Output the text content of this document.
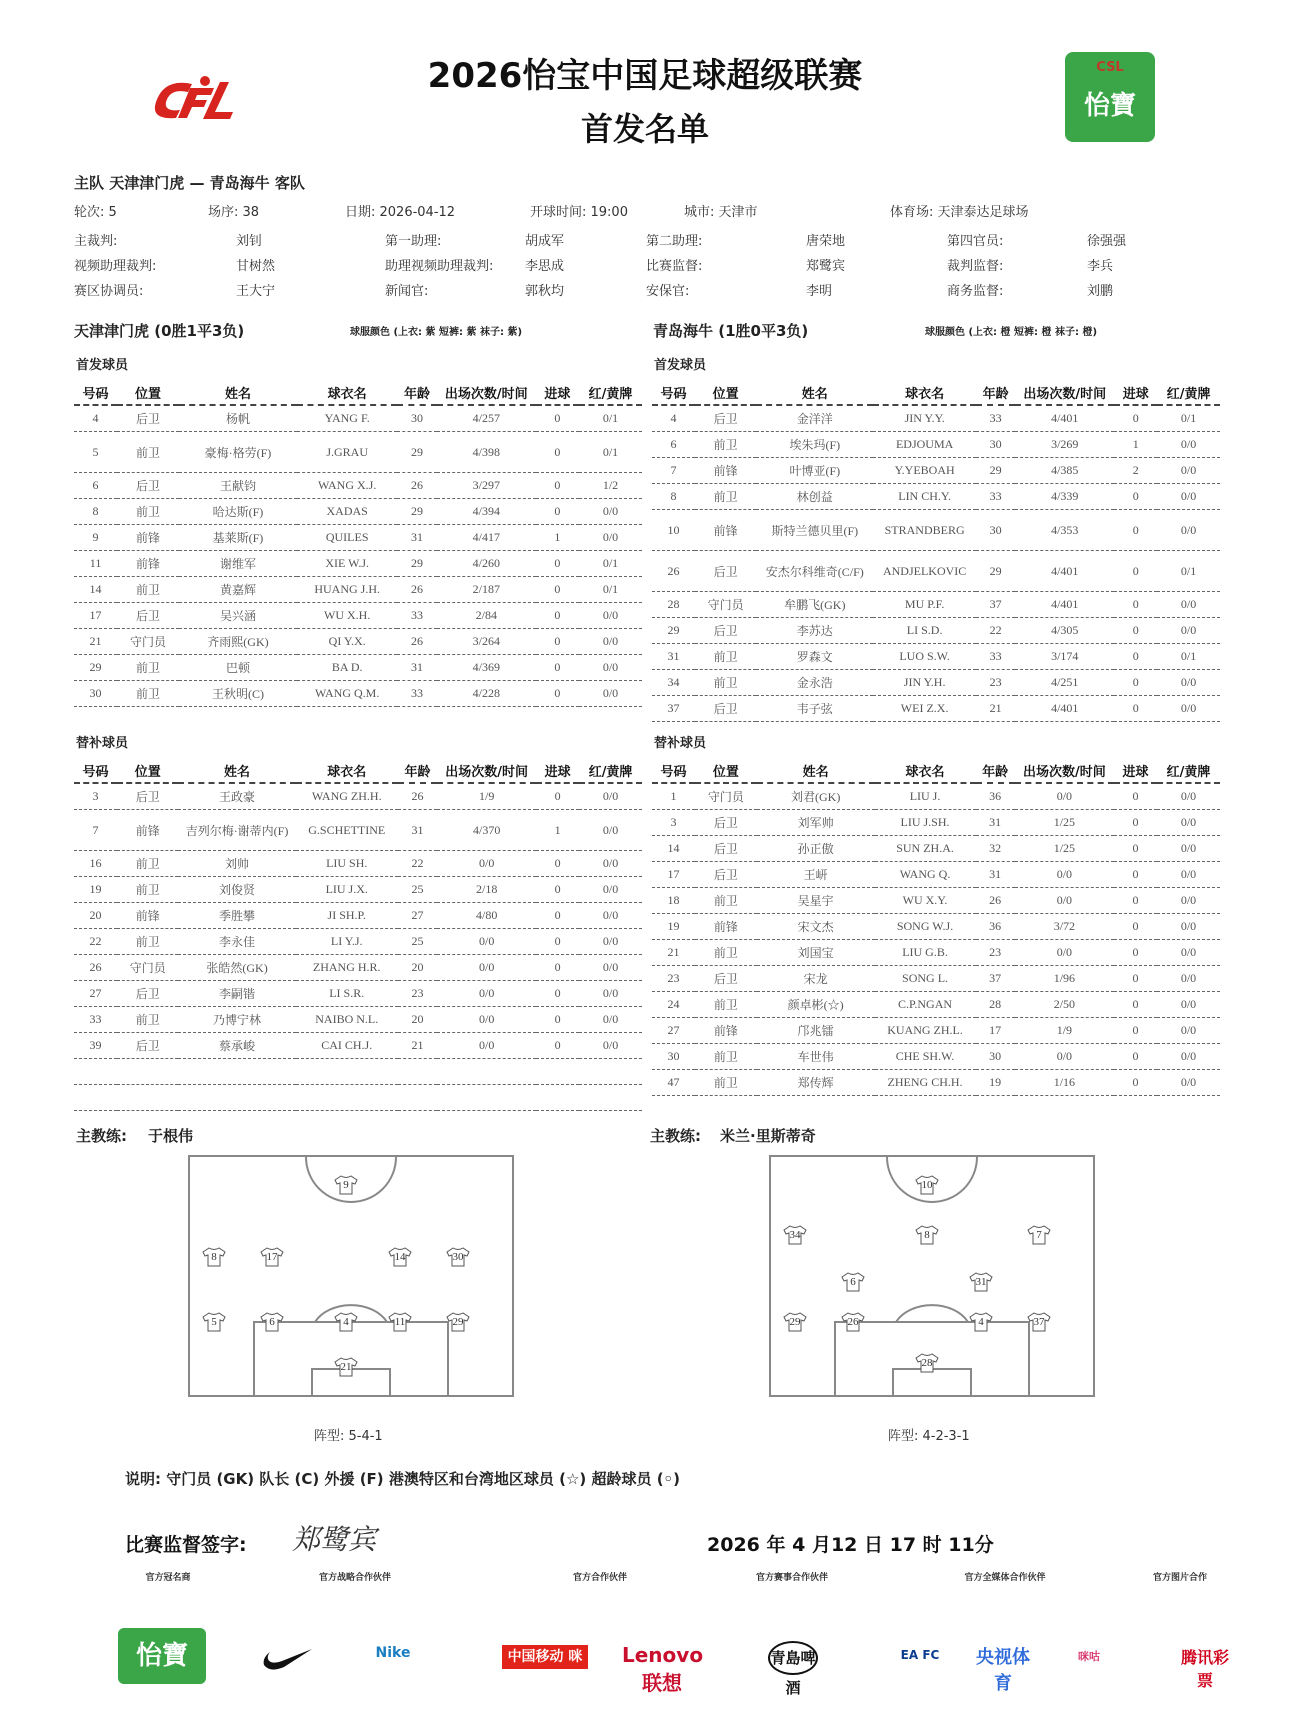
2026怡宝中国足球超级联赛
首发名单
CSL
怡寶
主队 天津津门虎 — 青岛海牛 客队
轮次: 5	场序: 38	日期: 2026-04-12	开球时间: 19:00	城市: 天津市	体育场: 天津泰达足球场
主裁判:	刘钊	第一助理:	胡成军	第二助理:	唐荣地	第四官员:	徐强强
视频助理裁判:	甘树然	助理视频助理裁判: 李思成	比赛监督:	郑鹭宾	裁判监督:	李兵
赛区协调员:	王大宁	新闻官:	郭秋均	安保官:	李明	商务监督:	刘鹏
天津津门虎 (0胜1平3负)	球服颜色 (上衣: 紫 短裤: 紫 袜子: 紫)	青岛海牛 (1胜0平3负)	球服颜色 (上衣: 橙 短裤: 橙 袜子: 橙)
首发球员	首发球员
号码	位置	姓名	球衣名	年龄	出场次数/时间	进球	红/黄牌
4	后卫	杨帆	YANG F.	30	4/257	0	0/1
5	前卫	豪梅·格劳(F)	J.GRAU	29	4/398	0	0/1
6	后卫	王献钧	WANG X.J.	26	3/297	0	1/2
8	前卫	哈达斯(F)	XADAS	29	4/394	0	0/0
9	前锋	基莱斯(F)	QUILES	31	4/417	1	0/0
11	前锋	谢维军	XIE W.J.	29	4/260	0	0/1
14	前卫	黄嘉辉	HUANG J.H.	26	2/187	0	0/1
17	后卫	吴兴涵	WU X.H.	33	2/84	0	0/0
21	守门员	齐雨熙(GK)	QI Y.X.	26	3/264	0	0/0
29	前卫	巴顿	BA D.	31	4/369	0	0/0
30	前卫	王秋明(C)	WANG Q.M.	33	4/228	0	0/0
号码	位置	姓名	球衣名	年龄	出场次数/时间	进球	红/黄牌
4	后卫	金洋洋	JIN Y.Y.	33	4/401	0	0/1
6	前卫	埃朱玛(F)	EDJOUMA	30	3/269	1	0/0
7	前锋	叶博亚(F)	Y.YEBOAH	29	4/385	2	0/0
8	前卫	林创益	LIN CH.Y.	33	4/339	0	0/0
10	前锋	斯特兰德贝里(F)	STRANDBERG	30	4/353	0	0/0
26	后卫	安杰尔科维奇(C/F)	ANDJELKOVIC	29	4/401	0	0/1
28	守门员	牟鹏飞(GK)	MU P.F.	37	4/401	0	0/0
29	后卫	李苏达	LI S.D.	22	4/305	0	0/0
31	前卫	罗森文	LUO S.W.	33	3/174	0	0/1
34	前卫	金永浩	JIN Y.H.	23	4/251	0	0/0
37	后卫	韦子弦	WEI Z.X.	21	4/401	0	0/0
替补球员	替补球员
号码	位置	姓名	球衣名	年龄	出场次数/时间	进球	红/黄牌
3	后卫	王政豪	WANG ZH.H.	26	1/9	0	0/0
7	前锋	吉列尔梅·谢蒂内(F)	G.SCHETTINE	31	4/370	1	0/0
16	前卫	刘帅	LIU SH.	22	0/0	0	0/0
19	前卫	刘俊贤	LIU J.X.	25	2/18	0	0/0
20	前锋	季胜攀	JI SH.P.	27	4/80	0	0/0
22	前卫	李永佳	LI Y.J.	25	0/0	0	0/0
26	守门员	张皓然(GK)	ZHANG H.R.	20	0/0	0	0/0
27	后卫	李嗣锴	LI S.R.	23	0/0	0	0/0
33	前卫	乃博宁林	NAIBO N.L.	20	0/0	0	0/0
39	后卫	蔡承峻	CAI CH.J.	21	0/0	0	0/0

号码	位置	姓名	球衣名	年龄	出场次数/时间	进球	红/黄牌
1	守门员	刘君(GK)	LIU J.	36	0/0	0	0/0
3	后卫	刘军帅	LIU J.SH.	31	1/25	0	0/0
14	后卫	孙正傲	SUN ZH.A.	32	1/25	0	0/0
17	后卫	王岍	WANG Q.	31	0/0	0	0/0
18	前卫	吴星宇	WU X.Y.	26	0/0	0	0/0
19	前锋	宋文杰	SONG W.J.	36	3/72	0	0/0
21	前卫	刘国宝	LIU G.B.	23	0/0	0	0/0
23	后卫	宋龙	SONG L.	37	1/96	0	0/0
24	前卫	颜卓彬(☆)	C.P.NGAN	28	2/50	0	0/0
27	前锋	邝兆镭	KUANG ZH.L.	17	1/9	0	0/0
30	前卫	车世伟	CHE SH.W.	30	0/0	0	0/0
47	前卫	郑传辉	ZHENG CH.H.	19	1/16	0	0/0
主教练: 于根伟	主教练: 米兰·里斯蒂奇
9
8	17	14	30
5	6	4	11	29
21
10
34	8	7
6	31
29	26	4	37
28
阵型: 5-4-1	阵型: 4-2-3-1
说明: 守门员 (GK) 队长 (C) 外援 (F) 港澳特区和台湾地区球员 (☆) 超龄球员 (◦)
比赛监督签字: 郑鹭宾	2026 年 4 月12 日 17 时 11分
官方冠名商	官方战略合作伙伴	官方合作伙伴	官方赛事合作伙伴	官方全媒体合作伙伴	官方图片合作
怡寶	Nike	中国移动 咪咕
Lenovo 联想
青島啤酒
EA FC	央视体育
咪咕	腾讯彩票
